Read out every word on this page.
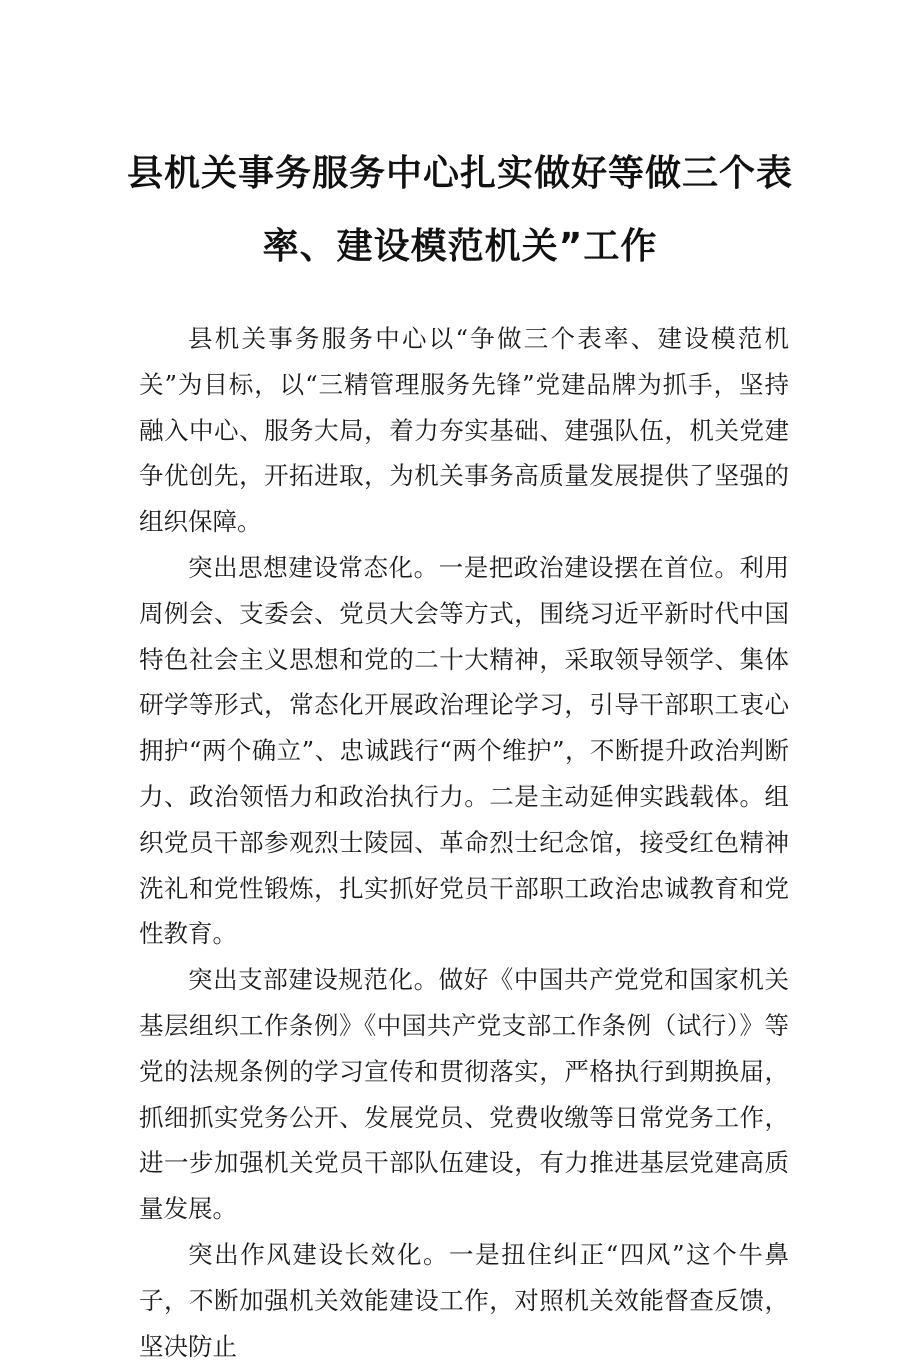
县机关事务服务中心扎实做好等做三个表
率、建设模范机关”工作

县机关事务服务中心以“争做三个表率、建设模范机关”为目标，以“三精管理服务先锋”党建品牌为抓手，坚持融入中心、服务大局，着力夯实基础、建强队伍，机关党建争优创先，开拓进取，为机关事务高质量发展提供了坚强的组织保障。

突出思想建设常态化。一是把政治建设摆在首位。利用周例会、支委会、党员大会等方式，围绕习近平新时代中国特色社会主义思想和党的二十大精神，采取领导领学、集体研学等形式，常态化开展政治理论学习，引导干部职工衷心拥护“两个确立”、忠诚践行“两个维护”，不断提升政治判断力、政治领悟力和政治执行力。二是主动延伸实践载体。组织党员干部参观烈士陵园、革命烈士纪念馆，接受红色精神洗礼和党性锻炼，扎实抓好党员干部职工政治忠诚教育和党性教育。

突出支部建设规范化。做好《中国共产党党和国家机关基层组织工作条例》《中国共产党支部工作条例（试行）》等党的法规条例的学习宣传和贯彻落实，严格执行到期换届，抓细抓实党务公开、发展党员、党费收缴等日常党务工作，进一步加强机关党员干部队伍建设，有力推进基层党建高质量发展。

突出作风建设长效化。一是扭住纠正“四风”这个牛鼻子，不断加强机关效能建设工作，对照机关效能督查反馈，坚决防止
